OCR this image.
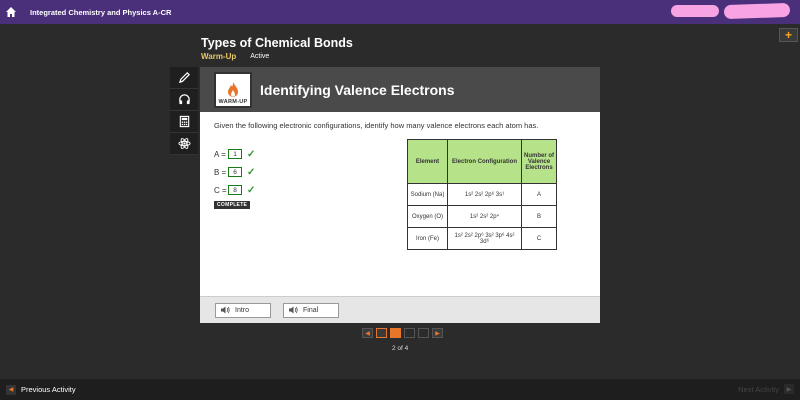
Integrated Chemistry and Physics A-CR
+
Types of Chemical Bonds
Warm-Up Active
WARM-UP
Identifying Valence Electrons
Given the following electronic configurations, identify how many valence electrons each atom has.
A =	1	✓
B =	6	✓
C =	8	✓
COMPLETE
Element	Electron Configuration	Number of Valence Electrons
Sodium (Na)	1s² 2s² 2p⁶ 3s¹	A
Oxygen (O)	1s² 2s² 2p⁴	B
Iron (Fe)	1s² 2s² 2p⁶ 3s² 3p⁶ 4s² 3d⁶	C
Intro	Final
◀	▶
2 of 4
◀	Previous Activity	Next Activity	▶
